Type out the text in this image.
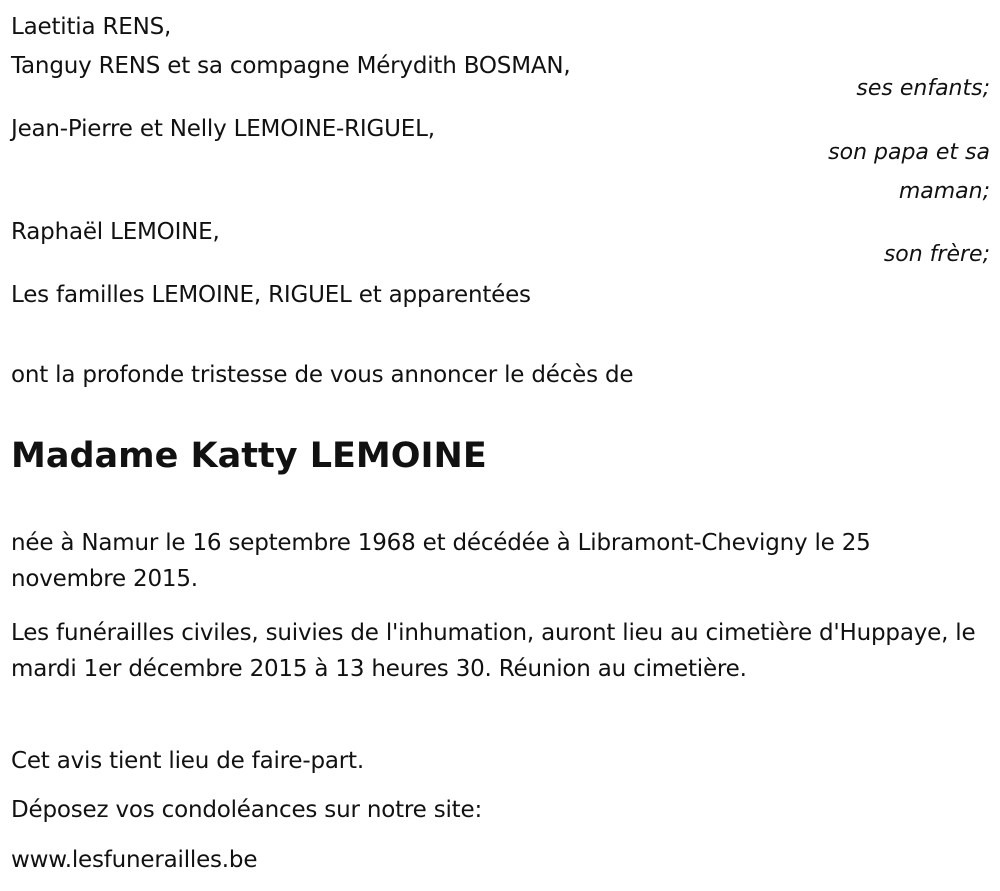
Laetitia RENS,
Tanguy RENS et sa compagne Mérydith BOSMAN,
ses enfants;
Jean-Pierre et Nelly LEMOINE-RIGUEL,
son papa et sa
maman;
Raphaël LEMOINE,
son frère;
Les familles LEMOINE, RIGUEL et apparentées
ont la profonde tristesse de vous annoncer le décès de
Madame Katty LEMOINE
née à Namur le 16 septembre 1968 et décédée à Libramont-Chevigny le 25 novembre 2015.
Les funérailles civiles, suivies de l'inhumation, auront lieu au cimetière d'Huppaye, le mardi 1er décembre 2015 à 13 heures 30. Réunion au cimetière.
Cet avis tient lieu de faire-part.
Déposez vos condoléances sur notre site:
www.lesfunerailles.be
